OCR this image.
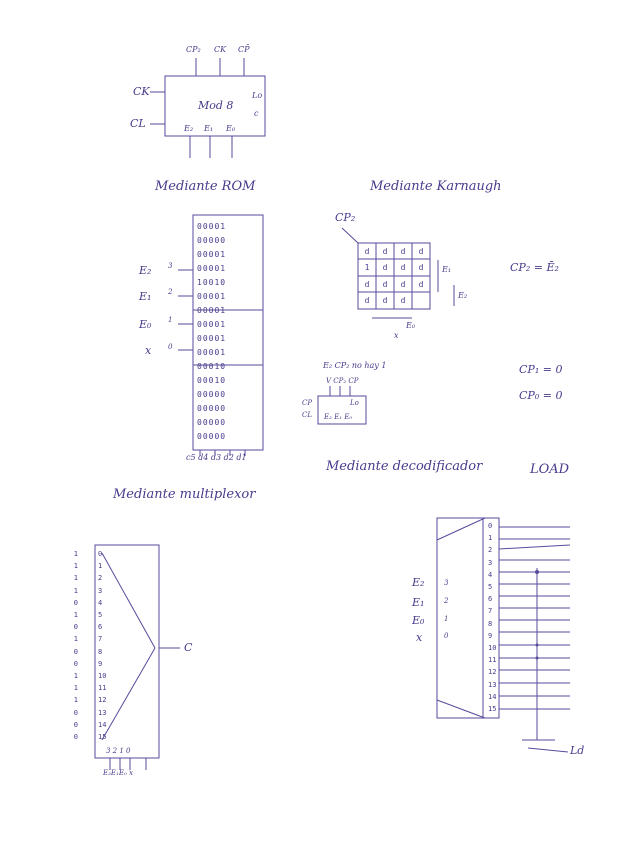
CP₂ CK CP̄
CK
CL
Mod 8
Lo
c
E₂ E₁ E₀
Mediante ROM	Mediante Karnaugh
Mediante multiplexor
Mediante decodificador	LOAD
E₂
E₁
E₀
x
3
2
1
0
00001
00000
00001
00001
10010
00001
00001
00001
00001
00001
00010
00010
00000
00000
00000
00000
c5 d4 d3 d2 d1
CP₂
d	d	d	d
1	d	d	d
d	d	d	d
d	d	d
E₁
E₂
E₀
x
CP₂ = Ē₂
E₂ CP₂ no hay 1
V CP₂ CP
CP
CL
Lo
E₂ E₁ E₀
CP₁ = 0
CP₀ = 0
1	0
1	1
1	2
1	3
0	4
1	5
0	6
1	7
0	8
0	9
1	10
1	11
1	12
0	13
0	14
0	15
C
3 2 1 0
E₂E₁E₀ x
E₂
E₁
E₀
x
3
2
1
0
0
1
2
3
4
5
6
7
8
9
10
11
12
13
14
15
Ld
